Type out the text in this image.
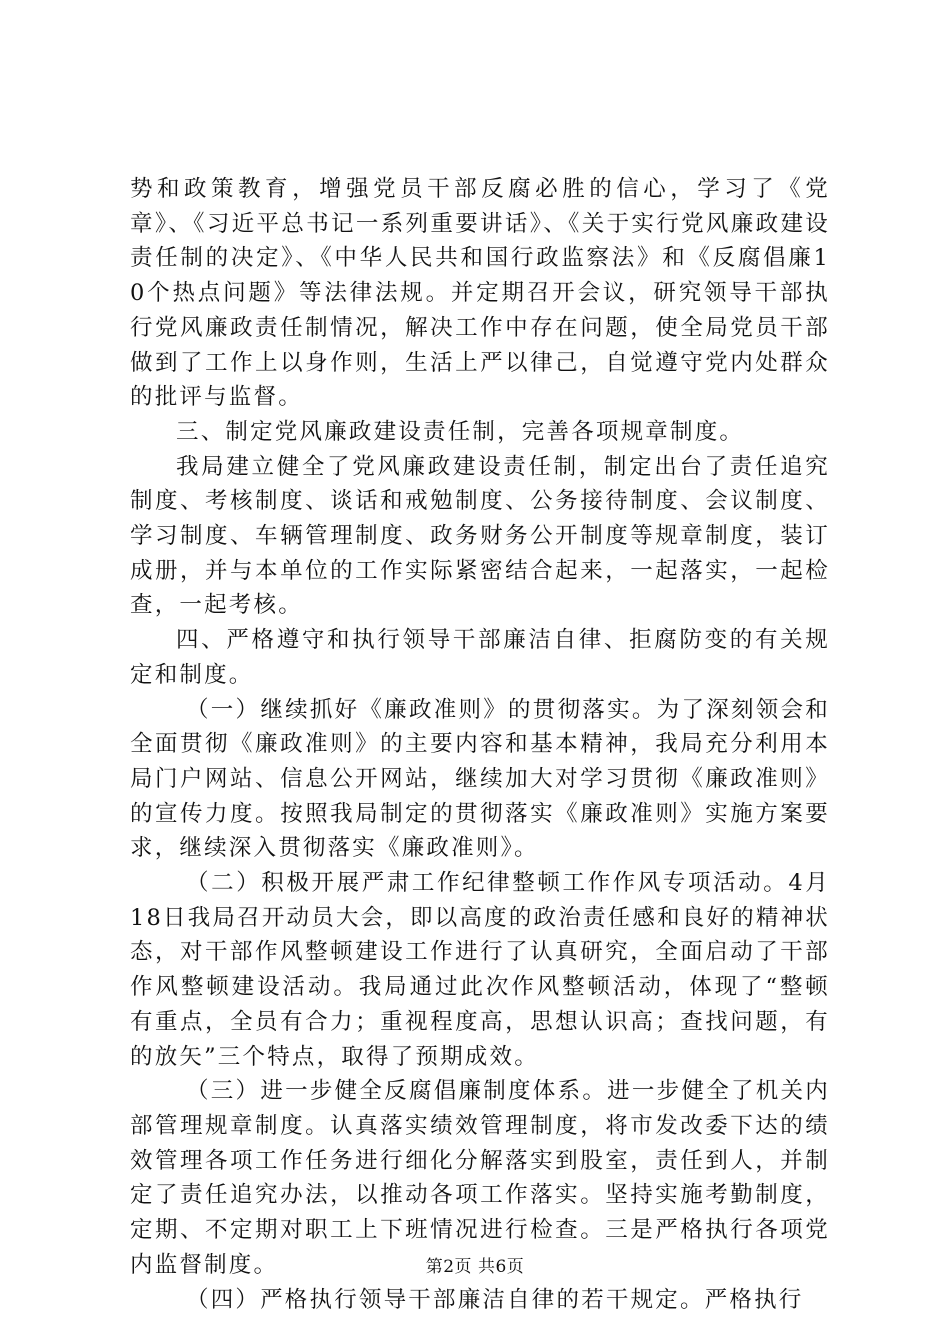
势和政策教育，增强党员干部反腐必胜的信心，学习了《党章》、《习近平总书记一系列重要讲话》、《关于实行党风廉政建设责任制的决定》、《中华人民共和国行政监察法》和《反腐倡廉10个热点问题》等法律法规。并定期召开会议，研究领导干部执行党风廉政责任制情况，解决工作中存在问题，使全局党员干部做到了工作上以身作则，生活上严以律己，自觉遵守党内处群众的批评与监督。

三、制定党风廉政建设责任制，完善各项规章制度。

我局建立健全了党风廉政建设责任制，制定出台了责任追究制度、考核制度、谈话和戒勉制度、公务接待制度、会议制度、学习制度、车辆管理制度、政务财务公开制度等规章制度，装订成册，并与本单位的工作实际紧密结合起来，一起落实，一起检查，一起考核。

四、严格遵守和执行领导干部廉洁自律、拒腐防变的有关规定和制度。

（一）继续抓好《廉政准则》的贯彻落实。为了深刻领会和全面贯彻《廉政准则》的主要内容和基本精神，我局充分利用本局门户网站、信息公开网站，继续加大对学习贯彻《廉政准则》的宣传力度。按照我局制定的贯彻落实《廉政准则》实施方案要求，继续深入贯彻落实《廉政准则》。

（二）积极开展严肃工作纪律整顿工作作风专项活动。4月18日我局召开动员大会，即以高度的政治责任感和良好的精神状态，对干部作风整顿建设工作进行了认真研究，全面启动了干部作风整顿建设活动。我局通过此次作风整顿活动，体现了“整顿有重点，全员有合力；重视程度高，思想认识高；查找问题，有的放矢”三个特点，取得了预期成效。

（三）进一步健全反腐倡廉制度体系。进一步健全了机关内部管理规章制度。认真落实绩效管理制度，将市发改委下达的绩效管理各项工作任务进行细化分解落实到股室，责任到人，并制定了责任追究办法，以推动各项工作落实。坚持实施考勤制度，定期、不定期对职工上下班情况进行检查。三是严格执行各项党内监督制度。

（四）严格执行领导干部廉洁自律的若干规定。严格执行

第2页 共6页
